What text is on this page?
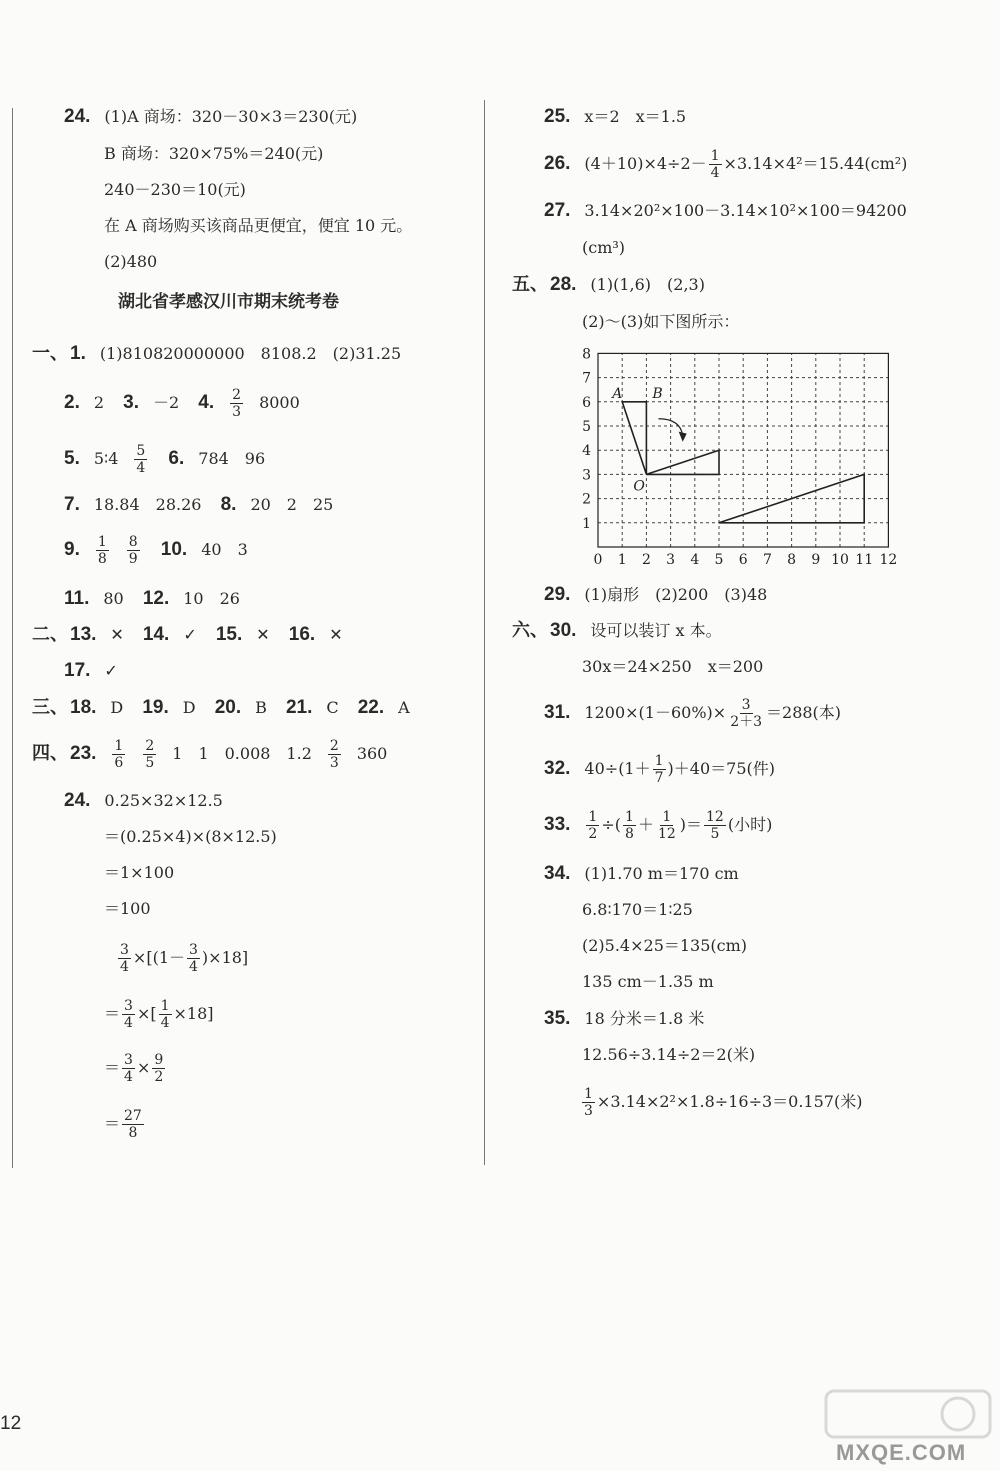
24. (1)A 商场：320－30×3＝230(元)
B 商场：320×75%＝240(元)
240－230＝10(元)
在 A 商场购买该商品更便宜，便宜 10 元。
(2)480
湖北省孝感汉川市期末统考卷
一、 1. (1)810820000000　8108.2　(2)31.25
2. 2 3. －2 4. $\frac{2}{3} 8000$
5. 5∶4 $\frac{5}{4} 6$. 784　96
7. 18.84　28.26 8. 20　2　25
9. $\frac{1}{8} \frac{8}{9} 10$. 40　3
11. 80 12. 10　26
二、 13. ✕ 14. ✓ 15. ✕ 16. ✕
17. ✓
三、 18. D 19. D 20. B 21. C 22. A
四、 23. $\frac{1}{6} \frac{2}{5} 1$　1　0.008　$1.2 \frac{2}{3} 360$
24. 0.25×32×12.5
＝(0.25×4)×(8×12.5)
＝1×100
＝100
$\frac{3}{4} \times[(1- \frac{3}{4} )\times 18]$
＝ $\frac{3}{4}$ ×[ $\frac{1}{4} \times 18$]
＝ $\frac{3}{4} \times \frac{9}{2}$
＝ $\frac{27}{8}$
25. x＝2　x＝1.5
26. $(4+10)\times 4\div 2- \frac{1}{4} \times 3.14\times 4^2=15.44(cm^2)$
27. 3.14×20²×100－3.14×10²×100＝94200
(cm³)
五、 28. (1)(1,6)　(2,3)
(2)～(3)如下图所示：
0 1 2 3 4 5 6 7 8 9 10 11 12
1
2
3
4
5
6
7
8
A B
O
29. (1)扇形　(2)200　(3)48
六、 30. 设可以装订 x 本。
30x＝24×250　x＝200
31. $1200\times(1-60\%)\times \frac{3}{2+3} =288$(本)
32. $40\div(1+ \frac{1}{7} )+40=75$(件)
33. $\frac{1}{2}$ ÷( $\frac{1}{8} + \frac{1}{12}$ )＝ $\frac{12}{5}$ (小时)
34. (1)1.70 m＝170 cm
6.8∶170＝1∶25
(2)5.4×25＝135(cm)
135 cm－1.35 m
35. 18 分米＝1.8 米
12.56÷3.14÷2＝2(米)
$\frac{1}{3} \times 3.14\times 2^2\times 1.8\div 16\div 3=0.157$(米)
12
MXQE.COM
